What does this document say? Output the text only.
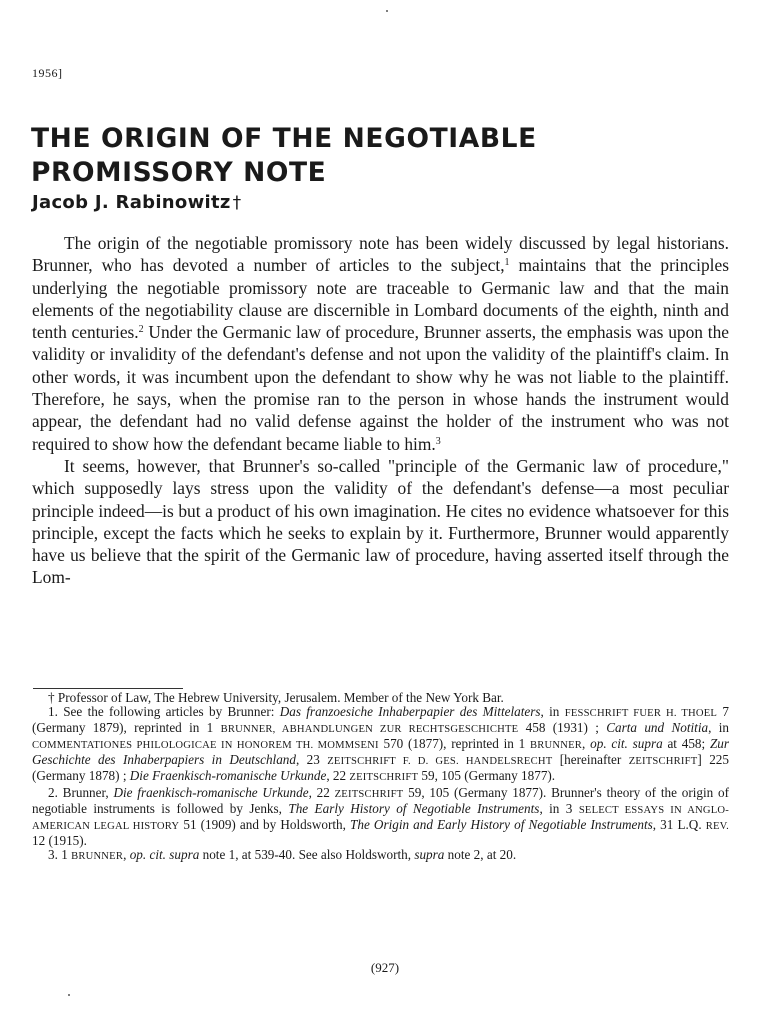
1956]
THE ORIGIN OF THE NEGOTIABLE
PROMISSORY NOTE
Jacob J. Rabinowitz †

The origin of the negotiable promissory note has been widely discussed by legal historians. Brunner, who has devoted a number of articles to the subject,$^1$ maintains that the principles underlying the negotiable promissory note are traceable to Germanic law and that the main elements of the negotiability clause are discernible in Lombard documents of the eighth, ninth and tenth centuries.$^2$ Under the Germanic law of procedure, Brunner asserts, the emphasis was upon the validity or invalidity of the defendant's defense and not upon the validity of the plaintiff's claim. In other words, it was incumbent upon the defendant to show why he was not liable to the plaintiff. Therefore, he says, when the promise ran to the person in whose hands the instrument would appear, the defendant had no valid defense against the holder of the instrument who was not required to show how the defendant became liable to him.$^3$

It seems, however, that Brunner's so-called "principle of the Germanic law of procedure," which supposedly lays stress upon the validity of the defendant's defense—a most peculiar principle indeed—is but a product of his own imagination. He cites no evidence whatsoever for this principle, except the facts which he seeks to explain by it. Furthermore, Brunner would apparently have us believe that the spirit of the Germanic law of procedure, having asserted itself through the Lom-

† Professor of Law, The Hebrew University, Jerusalem. Member of the New York Bar.

1. See the following articles by Brunner: Das franzoesiche Inhaberpapier des Mittelaters, in FESSCHRIFT FUER H. THOEL 7 (Germany 1879), reprinted in 1 BRUNNER, ABHANDLUNGEN ZUR RECHTSGESCHICHTE 458 (1931) ; Carta und Notitia, in COMMENTATIONES PHILOLOGICAE IN HONOREM TH. MOMMSENI 570 (1877), reprinted in 1 BRUNNER, op. cit. supra at 458; Zur Geschichte des Inhaberpapiers in Deutschland, 23 ZEITSCHRIFT F. D. GES. HANDELSRECHT [hereinafter ZEITSCHRIFT] 225 (Germany 1878) ; Die Fraenkisch-romanische Urkunde, 22 ZEITSCHRIFT 59, 105 (Germany 1877).

2. Brunner, Die fraenkisch-romanische Urkunde, 22 ZEITSCHRIFT 59, 105 (Germany 1877). Brunner's theory of the origin of negotiable instruments is followed by Jenks, The Early History of Negotiable Instruments, in 3 SELECT ESSAYS IN ANGLO-AMERICAN LEGAL HISTORY 51 (1909) and by Holdsworth, The Origin and Early History of Negotiable Instruments, 31 L.Q. REV. 12 (1915).

3. 1 BRUNNER, op. cit. supra note 1, at 539-40. See also Holdsworth, supra note 2, at 20.

(927)
